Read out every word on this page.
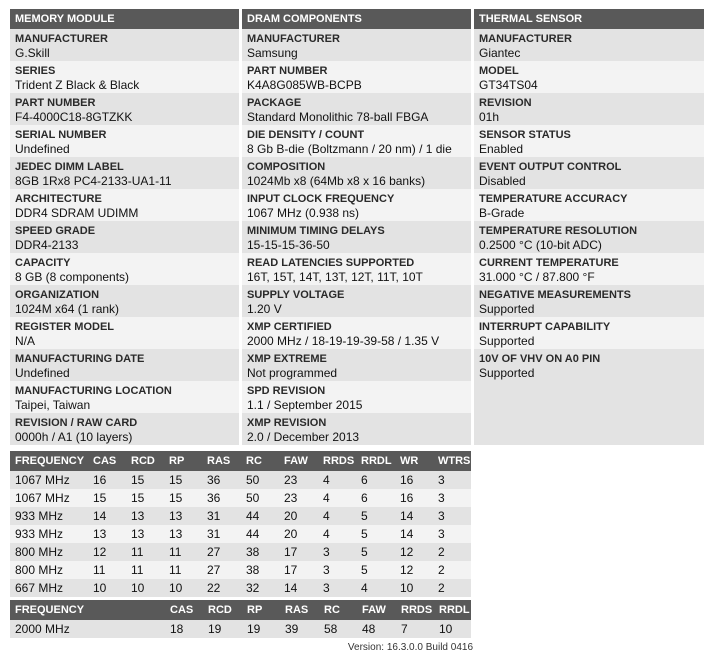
MEMORY MODULE
MANUFACTURER
G.Skill
SERIES
Trident Z Black & Black
PART NUMBER
F4-4000C18-8GTZKK
SERIAL NUMBER
Undefined
JEDEC DIMM LABEL
8GB 1Rx8 PC4-2133-UA1-11
ARCHITECTURE
DDR4 SDRAM UDIMM
SPEED GRADE
DDR4-2133
CAPACITY
8 GB (8 components)
ORGANIZATION
1024M x64 (1 rank)
REGISTER MODEL
N/A
MANUFACTURING DATE
Undefined
MANUFACTURING LOCATION
Taipei, Taiwan
REVISION / RAW CARD
0000h / A1 (10 layers)
DRAM COMPONENTS
MANUFACTURER
Samsung
PART NUMBER
K4A8G085WB-BCPB
PACKAGE
Standard Monolithic 78-ball FBGA
DIE DENSITY / COUNT
8 Gb B-die (Boltzmann / 20 nm) / 1 die
COMPOSITION
1024Mb x8 (64Mb x8 x 16 banks)
INPUT CLOCK FREQUENCY
1067 MHz (0.938 ns)
MINIMUM TIMING DELAYS
15-15-15-36-50
READ LATENCIES SUPPORTED
16T, 15T, 14T, 13T, 12T, 11T, 10T
SUPPLY VOLTAGE
1.20 V
XMP CERTIFIED
2000 MHz / 18-19-19-39-58 / 1.35 V
XMP EXTREME
Not programmed
SPD REVISION
1.1 / September 2015
XMP REVISION
2.0 / December 2013
THERMAL SENSOR
MANUFACTURER
Giantec
MODEL
GT34TS04
REVISION
01h
SENSOR STATUS
Enabled
EVENT OUTPUT CONTROL
Disabled
TEMPERATURE ACCURACY
B-Grade
TEMPERATURE RESOLUTION
0.2500 °C (10-bit ADC)
CURRENT TEMPERATURE
31.000 °C / 87.800 °F
NEGATIVE MEASUREMENTS
Supported
INTERRUPT CAPABILITY
Supported
10V OF VHV ON A0 PIN
Supported
FREQUENCY	CAS	RCD	RP	RAS	RC	FAW	RRDS	RRDL	WR	WTRS
1067 MHz	16	15	15	36	50	23	4	6	16	3
1067 MHz	15	15	15	36	50	23	4	6	16	3
933 MHz	14	13	13	31	44	20	4	5	14	3
933 MHz	13	13	13	31	44	20	4	5	14	3
800 MHz	12	11	11	27	38	17	3	5	12	2
800 MHz	11	11	11	27	38	17	3	5	12	2
667 MHz	10	10	10	22	32	14	3	4	10	2
FREQUENCY	CAS	RCD	RP	RAS	RC	FAW	RRDS	RRDL
2000 MHz	18	19	19	39	58	48	7	10
Version: 16.3.0.0 Build 0416
